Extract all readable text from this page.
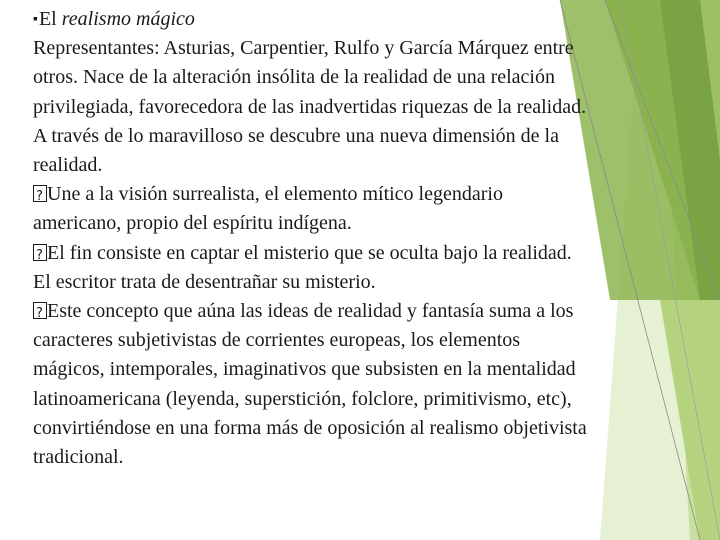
▪El realismo mágico

Representantes: Asturias, Carpentier, Rulfo y García Márquez entre otros. Nace de la alteración insólita de la realidad de una relación privilegiada, favorecedora de las inadvertidas riquezas de la realidad. A través de lo maravilloso se descubre una nueva dimensión de la realidad.

?Une a la visión surrealista, el elemento mítico legendario americano, propio del espíritu indígena.

?El fin consiste en captar el misterio que se oculta bajo la realidad. El escritor trata de desentrañar su misterio.

?Este concepto que aúna las ideas de realidad y fantasía suma a los caracteres subjetivistas de corrientes europeas, los elementos mágicos, intemporales, imaginativos que subsisten en la mentalidad latinoamericana (leyenda, superstición, folclore, primitivismo, etc), convirtiéndose en una forma más de oposición al realismo objetivista tradicional.
